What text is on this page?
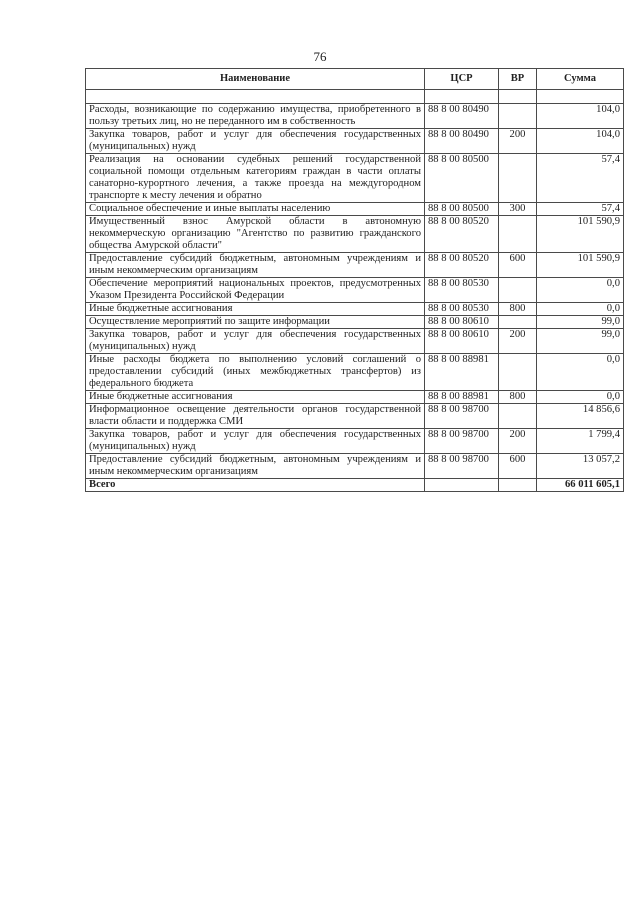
76
Наименование	ЦСР	ВР	Сумма

Расходы, возникающие по содержанию имущества, приобретенного в пользу третьих лиц, но не переданного им в собственность	88 8 00 80490		104,0
Закупка товаров, работ и услуг для обеспечения государственных (муниципальных) нужд	88 8 00 80490	200	104,0
Реализация на основании судебных решений государственной социальной помощи отдельным категориям граждан в части оплаты санаторно-курортного лечения, а также проезда на междугородном транспорте к месту лечения и обратно	88 8 00 80500		57,4
Социальное обеспечение и иные выплаты населению	88 8 00 80500	300	57,4
Имущественный взнос Амурской области в автономную некоммерческую организацию "Агентство по развитию гражданского общества Амурской области"	88 8 00 80520		101 590,9
Предоставление субсидий бюджетным, автономным учреждениям и иным некоммерческим организациям	88 8 00 80520	600	101 590,9
Обеспечение мероприятий национальных проектов, предусмотренных Указом Президента Российской Федерации	88 8 00 80530		0,0
Иные бюджетные ассигнования	88 8 00 80530	800	0,0
Осуществление мероприятий по защите информации	88 8 00 80610		99,0
Закупка товаров, работ и услуг для обеспечения государственных (муниципальных) нужд	88 8 00 80610	200	99,0
Иные расходы бюджета по выполнению условий соглашений о предоставлении субсидий (иных межбюджетных трансфертов) из федерального бюджета	88 8 00 88981		0,0
Иные бюджетные ассигнования	88 8 00 88981	800	0,0
Информационное освещение деятельности органов государственной власти области и поддержка СМИ	88 8 00 98700		14 856,6
Закупка товаров, работ и услуг для обеспечения государственных (муниципальных) нужд	88 8 00 98700	200	1 799,4
Предоставление субсидий бюджетным, автономным учреждениям и иным некоммерческим организациям	88 8 00 98700	600	13 057,2
Всего			66 011 605,1
